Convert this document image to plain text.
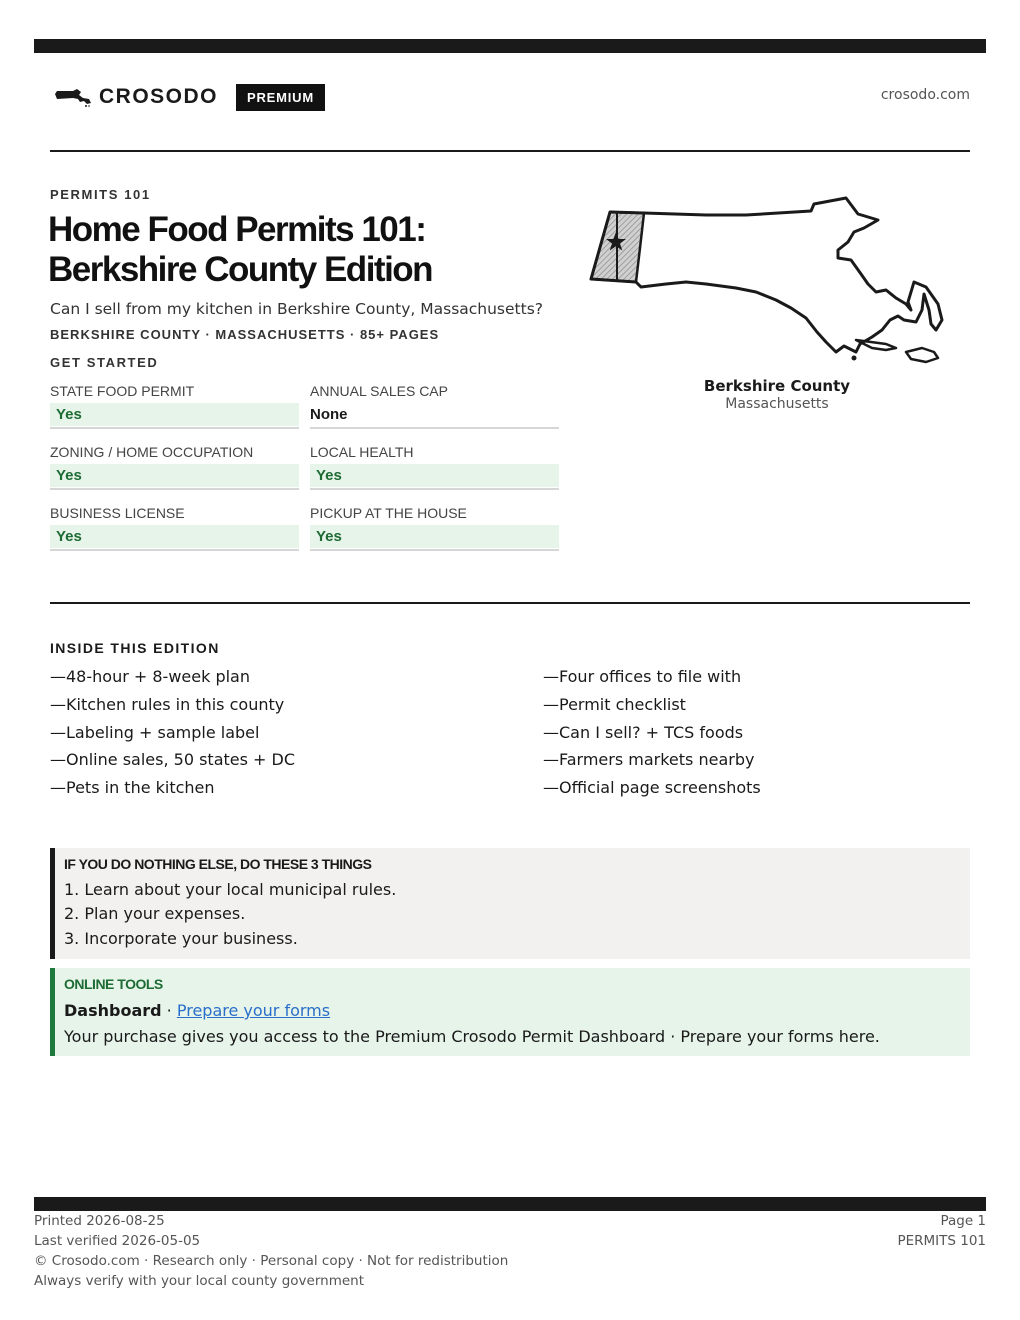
CROSODO	PREMIUM	crosodo.com
PERMITS 101
Home Food Permits 101:
Berkshire County Edition
Can I sell from my kitchen in Berkshire County, Massachusetts?
BERKSHIRE COUNTY · MASSACHUSETTS · 85+ PAGES
GET STARTED
STATE FOOD PERMIT
Yes
ANNUAL SALES CAP
None
ZONING / HOME OCCUPATION
Yes
LOCAL HEALTH
Yes
BUSINESS LICENSE
Yes
PICKUP AT THE HOUSE
Yes
Berkshire County
Massachusetts
INSIDE THIS EDITION
—48-hour + 8-week plan
—Kitchen rules in this county
—Labeling + sample label
—Online sales, 50 states + DC
—Pets in the kitchen
—Four offices to file with
—Permit checklist
—Can I sell? + TCS foods
—Farmers markets nearby
—Official page screenshots
IF YOU DO NOTHING ELSE, DO THESE 3 THINGS
1. Learn about your local municipal rules.
2. Plan your expenses.
3. Incorporate your business.
ONLINE TOOLS
Dashboard · Prepare your forms
Your purchase gives you access to the Premium Crosodo Permit Dashboard · Prepare your forms here.
Printed 2026-08-25
Last verified 2026-05-05
© Crosodo.com · Research only · Personal copy · Not for redistribution
Always verify with your local county government
Page 1
PERMITS 101
